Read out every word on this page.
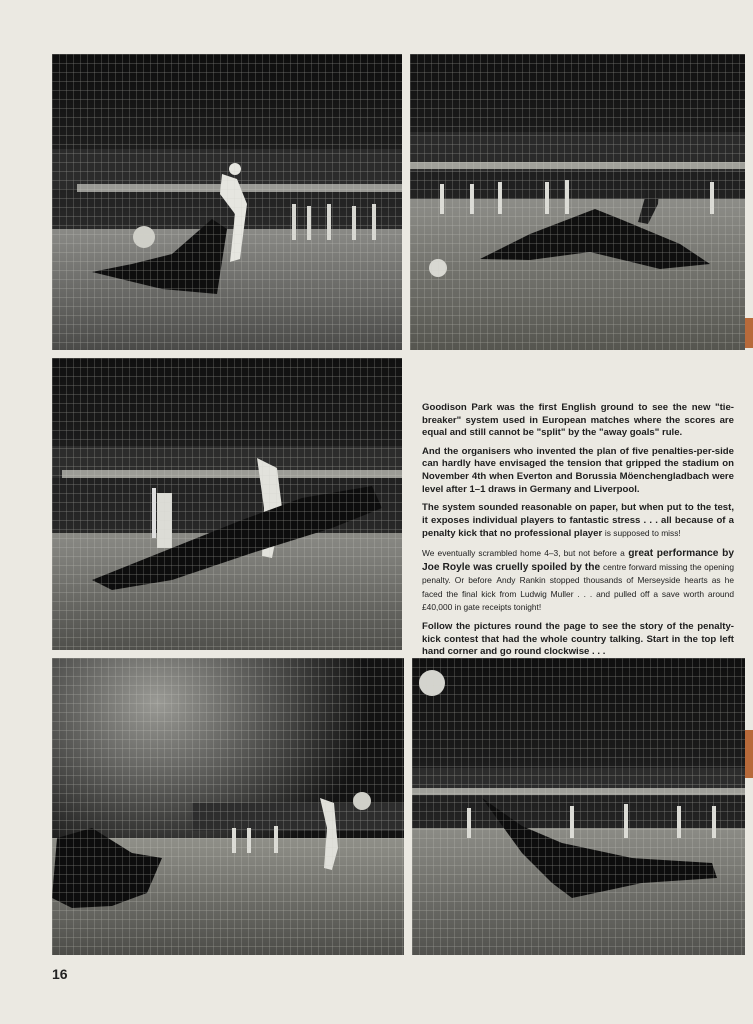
Goodison Park was the first English ground to see the new "tie-breaker" system used in European matches where the scores are equal and still cannot be "split" by the "away goals" rule.

And the organisers who invented the plan of five penalties-per-side can hardly have envisaged the tension that gripped the stadium on November 4th when Everton and Borussia Möenchengladbach were level after 1–1 draws in Germany and Liverpool.

The system sounded reasonable on paper, but when put to the test, it exposes individual players to fantastic stress . . . all because of a penalty kick that no professional player is supposed to miss!

We eventually scrambled home 4–3, but not before a great performance by Joe Royle was cruelly spoiled by the centre forward missing the opening penalty. Or before Andy Rankin stopped thousands of Merseyside hearts as he faced the final kick from Ludwig Muller . . . and pulled off a save worth around £40,000 in gate receipts tonight!

Follow the pictures round the page to see the story of the penalty-kick contest that had the whole country talking. Start in the top left hand corner and go round clockwise . . .

16
